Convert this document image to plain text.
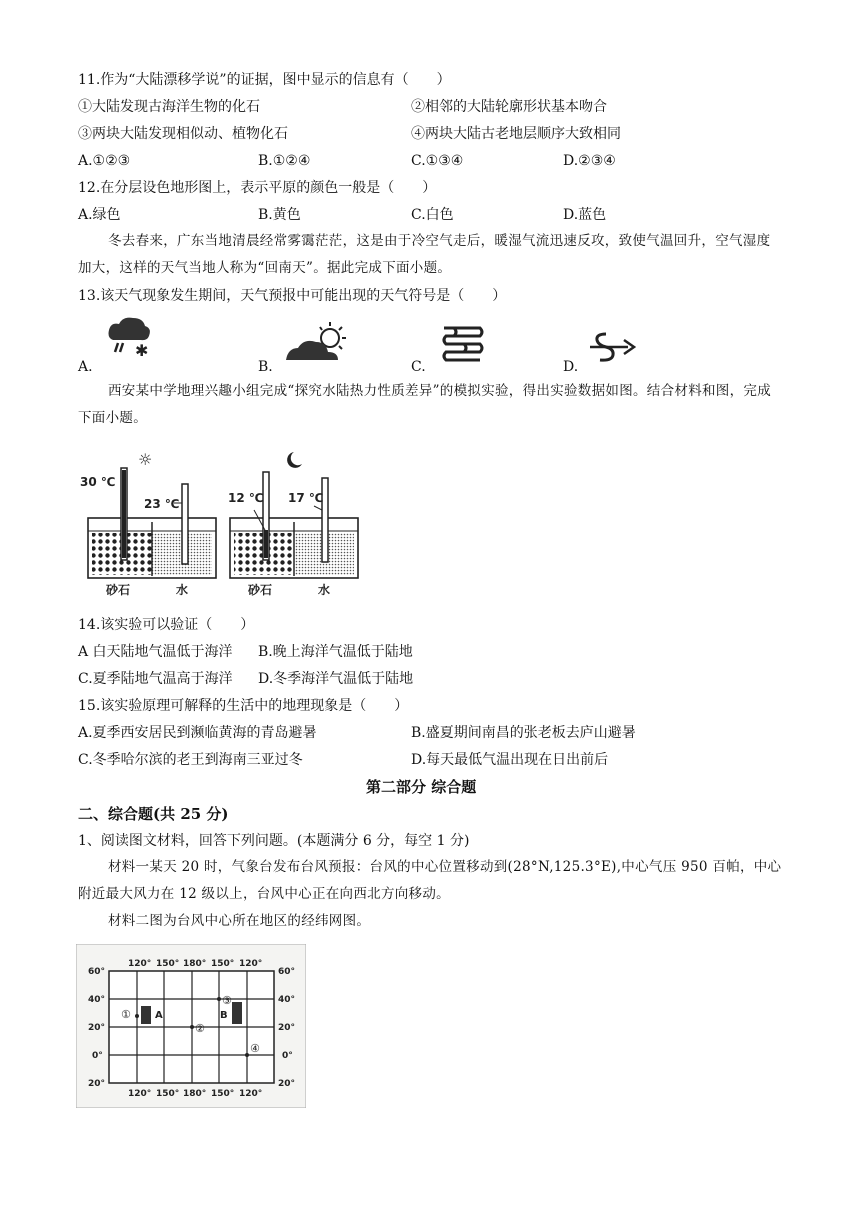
11.作为“大陆漂移学说”的证据，图中显示的信息有（　　）
①大陆发现古海洋生物的化石	②相邻的大陆轮廓形状基本吻合
③两块大陆发现相似动、植物化石	④两块大陆古老地层顺序大致相同
A.①②③	B.①②④	C.①③④	D.②③④
12.在分层设色地形图上，表示平原的颜色一般是（　　）
A.绿色	B.黄色	C.白色	D.蓝色
冬去春来，广东当地清晨经常雾霭茫茫，这是由于冷空气走后，暖湿气流迅速反攻，致使气温回升，空气湿度加大，这样的天气当地人称为“回南天”。据此完成下面小题。
13.该天气现象发生期间，天气预报中可能出现的天气符号是（　　）
A.
✱
B.	C.	D.
西安某中学地理兴趣小组完成“探究水陆热力性质差异”的模拟实验，得出实验数据如图。结合材料和图，完成下面小题。
☼
30 ℃
23 ℃	12 ℃ 17 ℃
砂石	水	砂石	水
14.该实验可以验证（　　）
A 白天陆地气温低于海洋 B.晚上海洋气温低于陆地
C.夏季陆地气温高于海洋 D.冬季海洋气温低于陆地
15.该实验原理可解释的生活中的地理现象是（　　）
A.夏季西安居民到濒临黄海的青岛避暑	B.盛夏期间南昌的张老板去庐山避暑
C.冬季哈尔滨的老王到海南三亚过冬	D.每天最低气温出现在日出前后
第二部分 综合题
二、综合题(共 25 分)
1、阅读图文材料，回答下列问题。(本题满分 6 分，每空 1 分)
材料一某天 20 时，气象台发布台风预报：台风的中心位置移动到(28°N,125.3°E),中心气压 950 百帕，中心附近最大风力在 12 级以上，台风中心正在向西北方向移动。
材料二图为台风中心所在地区的经纬网图。
120° 150° 180° 150° 120°
120° 150° 180° 150° 120°
60°
40°
20°
0°
20°
60°
40°
20°
0°
20°
①
②
③
④
A	B
